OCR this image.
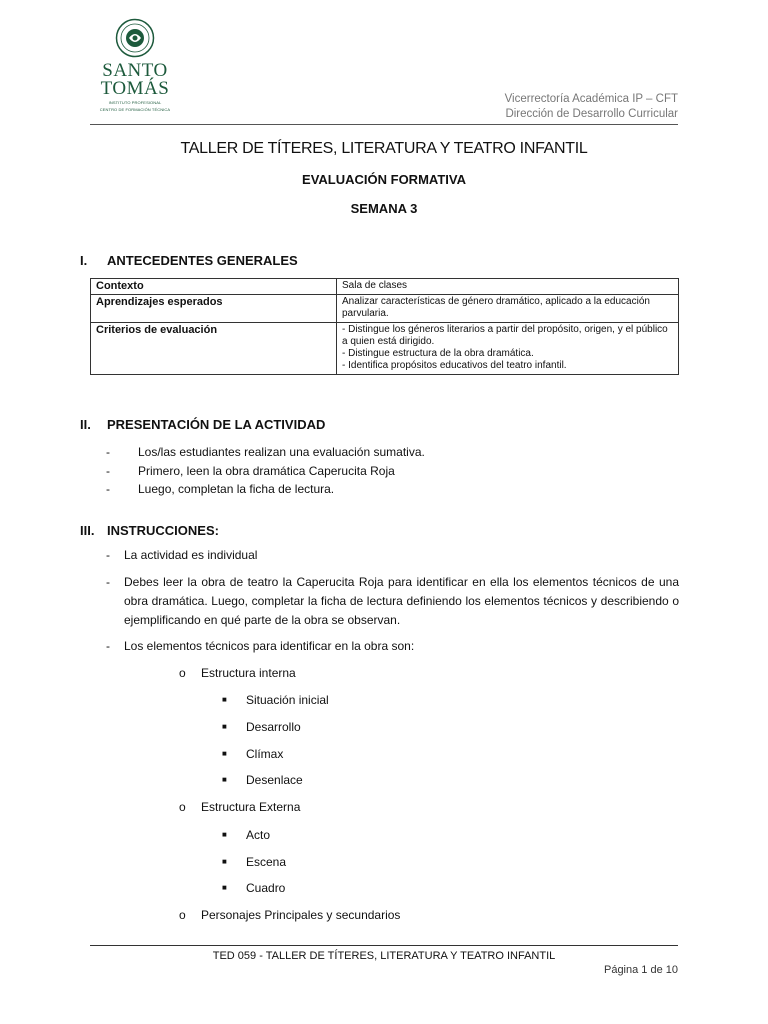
SANTO
TOMÁS
INSTITUTO PROFESIONAL
CENTRO DE FORMACIÓN TÉCNICA
Vicerrectoría Académica IP – CFT
Dirección de Desarrollo Curricular
TALLER DE TÍTERES, LITERATURA Y TEATRO INFANTIL
EVALUACIÓN FORMATIVA
SEMANA 3
I. ANTECEDENTES GENERALES
Contexto	Sala de clases
Aprendizajes esperados	Analizar características de género dramático, aplicado a la educación parvularia.
Criterios de evaluación	- Distingue los géneros literarios a partir del propósito, origen, y el público a quien está dirigido.
- Distingue estructura de la obra dramática.
- Identifica propósitos educativos del teatro infantil.
II. PRESENTACIÓN DE LA ACTIVIDAD
- Los/las estudiantes realizan una evaluación sumativa.
- Primero, leen la obra dramática Caperucita Roja
- Luego, completan la ficha de lectura.
III. INSTRUCCIONES:
- La actividad es individual
- Debes leer la obra de teatro la Caperucita Roja para identificar en ella los elementos técnicos de una obra dramática. Luego, completar la ficha de lectura definiendo los elementos técnicos y describiendo o ejemplificando en qué parte de la obra se observan.
- Los elementos técnicos para identificar en la obra son:
o Estructura interna
■ Situación inicial
■ Desarrollo
■ Clímax
■ Desenlace
o Estructura Externa
■ Acto
■ Escena
■ Cuadro
o Personajes Principales y secundarios
TED 059 - TALLER DE TÍTERES, LITERATURA Y TEATRO INFANTIL
Página 1 de 10
